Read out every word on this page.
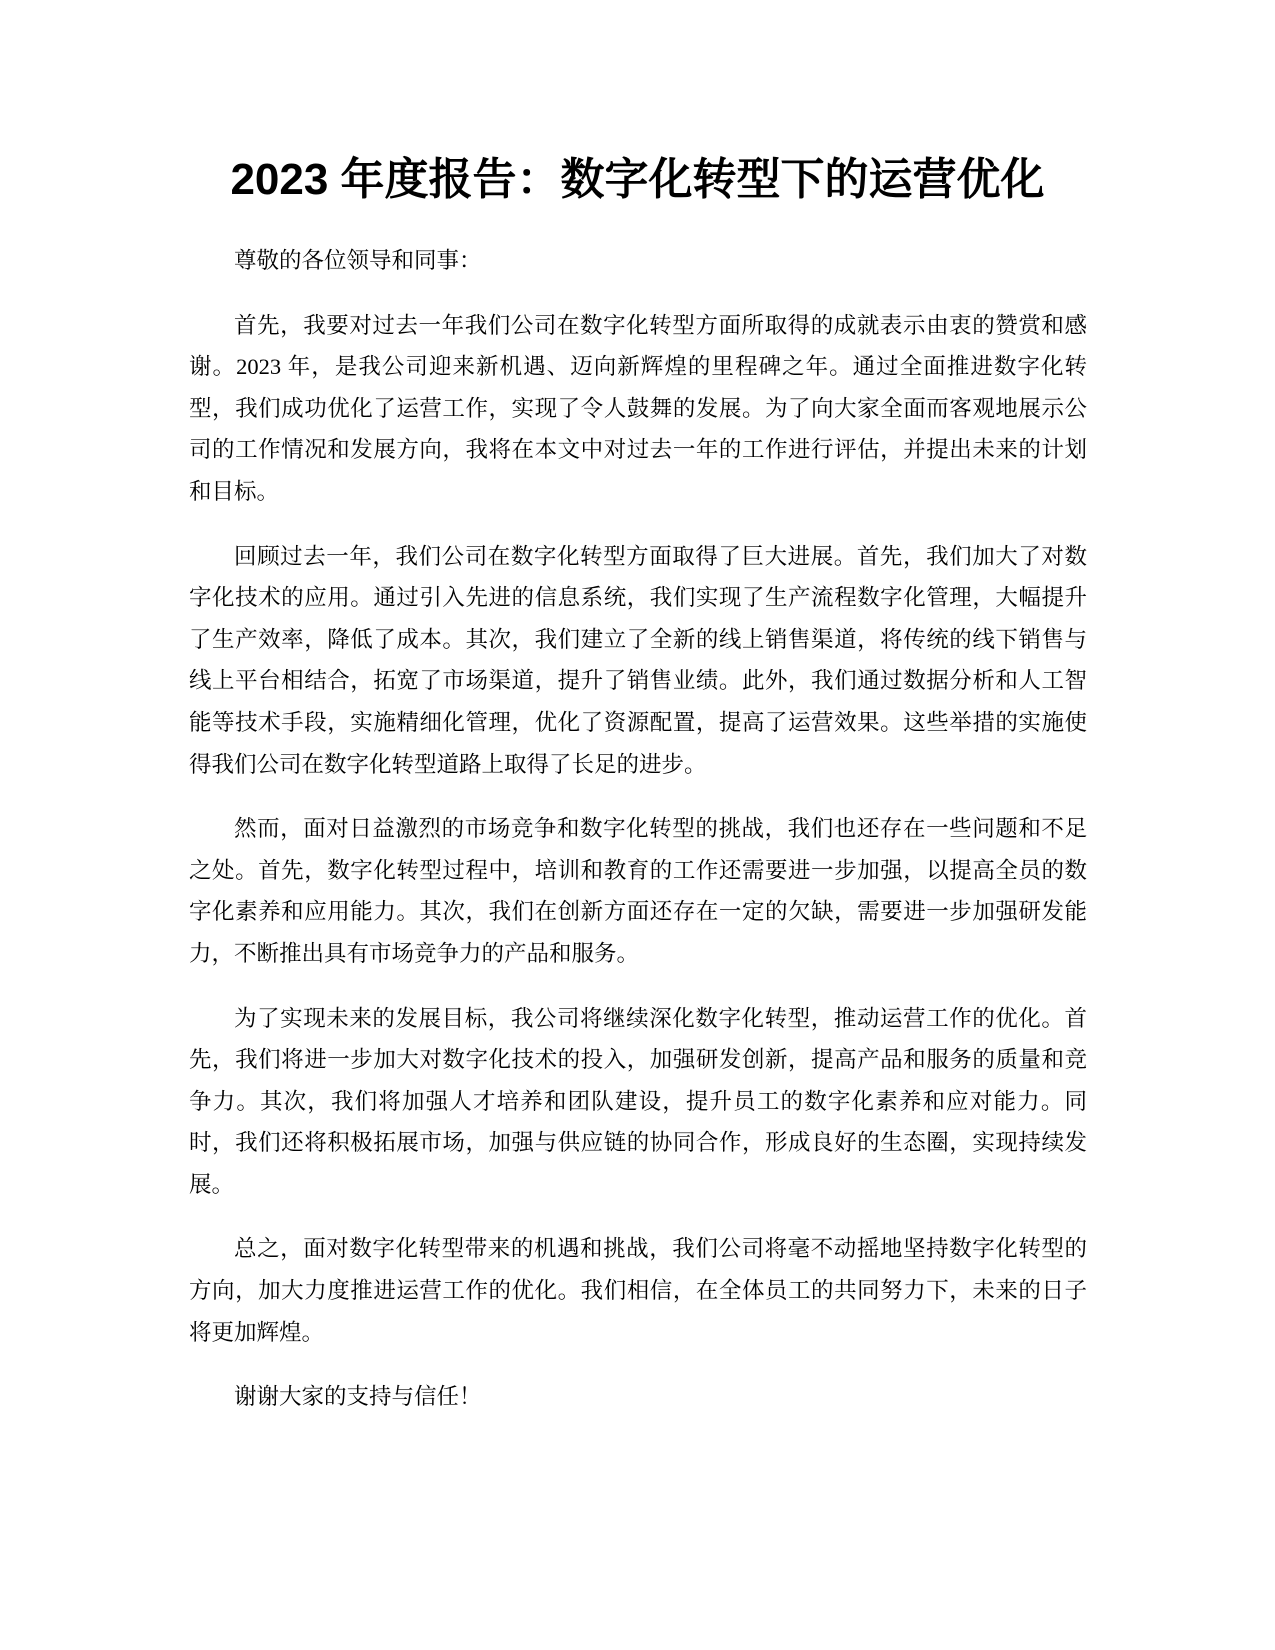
2023 年度报告：数字化转型下的运营优化

尊敬的各位领导和同事：

首先，我要对过去一年我们公司在数字化转型方面所取得的成就表示由衷的赞赏和感谢。2023 年，是我公司迎来新机遇、迈向新辉煌的里程碑之年。通过全面推进数字化转型，我们成功优化了运营工作，实现了令人鼓舞的发展。为了向大家全面而客观地展示公司的工作情况和发展方向，我将在本文中对过去一年的工作进行评估，并提出未来的计划和目标。

回顾过去一年，我们公司在数字化转型方面取得了巨大进展。首先，我们加大了对数字化技术的应用。通过引入先进的信息系统，我们实现了生产流程数字化管理，大幅提升了生产效率，降低了成本。其次，我们建立了全新的线上销售渠道，将传统的线下销售与线上平台相结合，拓宽了市场渠道，提升了销售业绩。此外，我们通过数据分析和人工智能等技术手段，实施精细化管理，优化了资源配置，提高了运营效果。这些举措的实施使得我们公司在数字化转型道路上取得了长足的进步。

然而，面对日益激烈的市场竞争和数字化转型的挑战，我们也还存在一些问题和不足之处。首先，数字化转型过程中，培训和教育的工作还需要进一步加强，以提高全员的数字化素养和应用能力。其次，我们在创新方面还存在一定的欠缺，需要进一步加强研发能力，不断推出具有市场竞争力的产品和服务。

为了实现未来的发展目标，我公司将继续深化数字化转型，推动运营工作的优化。首先，我们将进一步加大对数字化技术的投入，加强研发创新，提高产品和服务的质量和竞争力。其次，我们将加强人才培养和团队建设，提升员工的数字化素养和应对能力。同时，我们还将积极拓展市场，加强与供应链的协同合作，形成良好的生态圈，实现持续发展。

总之，面对数字化转型带来的机遇和挑战，我们公司将毫不动摇地坚持数字化转型的方向，加大力度推进运营工作的优化。我们相信，在全体员工的共同努力下，未来的日子将更加辉煌。

谢谢大家的支持与信任！
